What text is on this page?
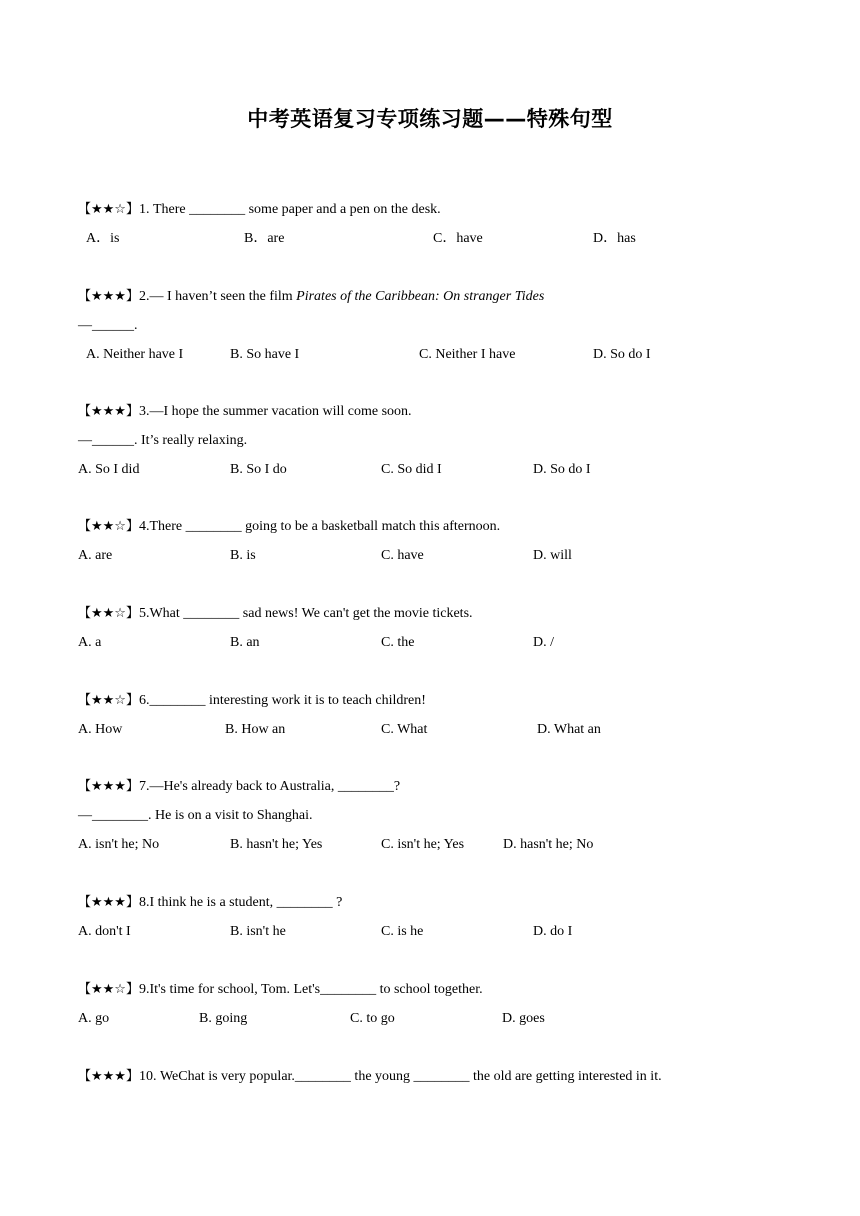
中考英语复习专项练习题——特殊句型
【★★☆】1. There ________ some paper and a pen on the desk.
A．is	B．are	C．have	D．has
【★★★】2.— I haven’t seen the film Pirates of the Caribbean: On stranger Tides
—______.
A. Neither have I	B. So have I	C. Neither I have	D. So do I
【★★★】3.—I hope the summer vacation will come soon.
—______. It’s really relaxing.
A. So I did	B. So I do	C. So did I	D. So do I
【★★☆】4.There ________ going to be a basketball match this afternoon.
A. are	B. is	C. have	D. will
【★★☆】5.What ________ sad news! We can't get the movie tickets.
A. a	B. an	C. the	D. /
【★★☆】6.________ interesting work it is to teach children!
A. How	B. How an	C. What	D. What an
【★★★】7.—He's already back to Australia, ________?
—________. He is on a visit to Shanghai.
A. isn't he; No	B. hasn't he; Yes	C. isn't he; Yes	D. hasn't he; No
【★★★】8.I think he is a student, ________ ?
A. don't I	B. isn't he	C. is he	D. do I
【★★☆】9.It's time for school, Tom. Let's________ to school together.
A. go	B. going	C. to go	D. goes
【★★★】10. WeChat is very popular.________ the young ________ the old are getting interested in it.
